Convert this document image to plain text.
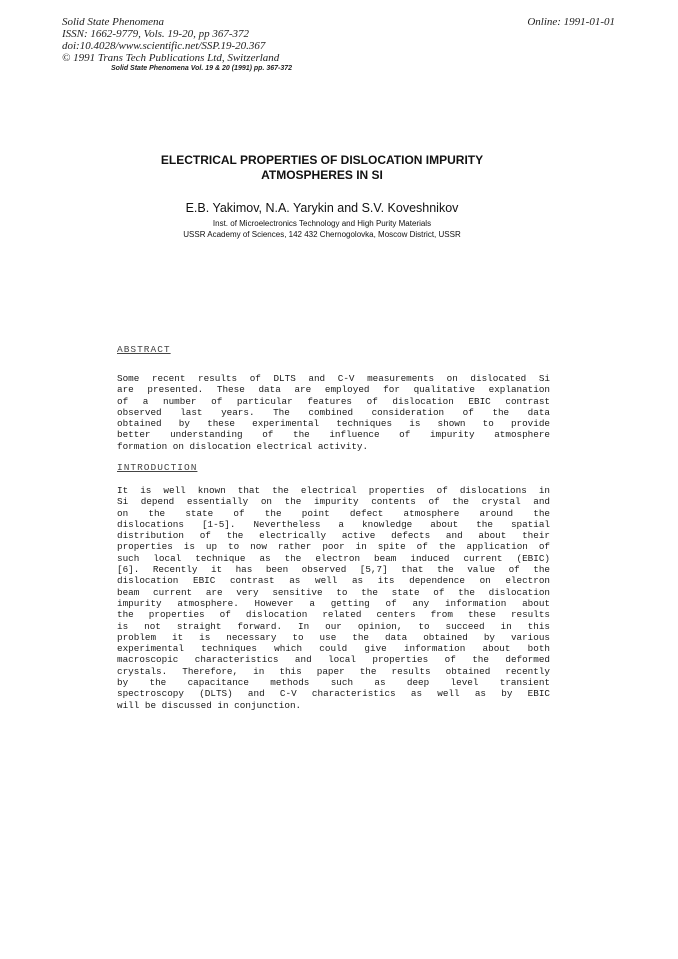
Solid State Phenomena
ISSN: 1662-9779, Vols. 19-20, pp 367-372
doi:10.4028/www.scientific.net/SSP.19-20.367
© 1991 Trans Tech Publications Ltd, Switzerland
Online: 1991-01-01
Solid State Phenomena Vol. 19 & 20 (1991) pp. 367-372
ELECTRICAL PROPERTIES OF DISLOCATION IMPURITY
ATMOSPHERES IN SI
E.B. Yakimov, N.A. Yarykin and S.V. Koveshnikov
Inst. of Microelectronics Technology and High Purity Materials
USSR Academy of Sciences, 142 432 Chernogolovka, Moscow District, USSR
ABSTRACT
Some recent results of DLTS and C-V measurements on dislocated Si
are presented. These data are employed for qualitative explanation
of a number of particular features of dislocation EBIC contrast
observed last years. The combined consideration of the data
obtained by these experimental techniques is shown to provide
better understanding of the influence of impurity atmosphere
formation on dislocation electrical activity.
INTRODUCTION
It is well known that the electrical properties of dislocations in
Si depend essentially on the impurity contents of the crystal and
on the state of the point defect atmosphere around the
dislocations [1-5]. Nevertheless a knowledge about the spatial
distribution of the electrically active defects and about their
properties is up to now rather poor in spite of the application of
such local technique as the electron beam induced current (EBIC)
[6]. Recently it has been observed [5,7] that the value of the
dislocation EBIC contrast as well as its dependence on electron
beam current are very sensitive to the state of the dislocation
impurity atmosphere. However a getting of any information about
the properties of dislocation related centers from these results
is not straight forward. In our opinion, to succeed in this
problem it is necessary to use the data obtained by various
experimental techniques which could give information about both
macroscopic characteristics and local properties of the deformed
crystals. Therefore, in this paper the results obtained recently
by the capacitance methods such as deep level transient
spectroscopy (DLTS) and C-V characteristics as well as by EBIC
will be discussed in conjunction.
